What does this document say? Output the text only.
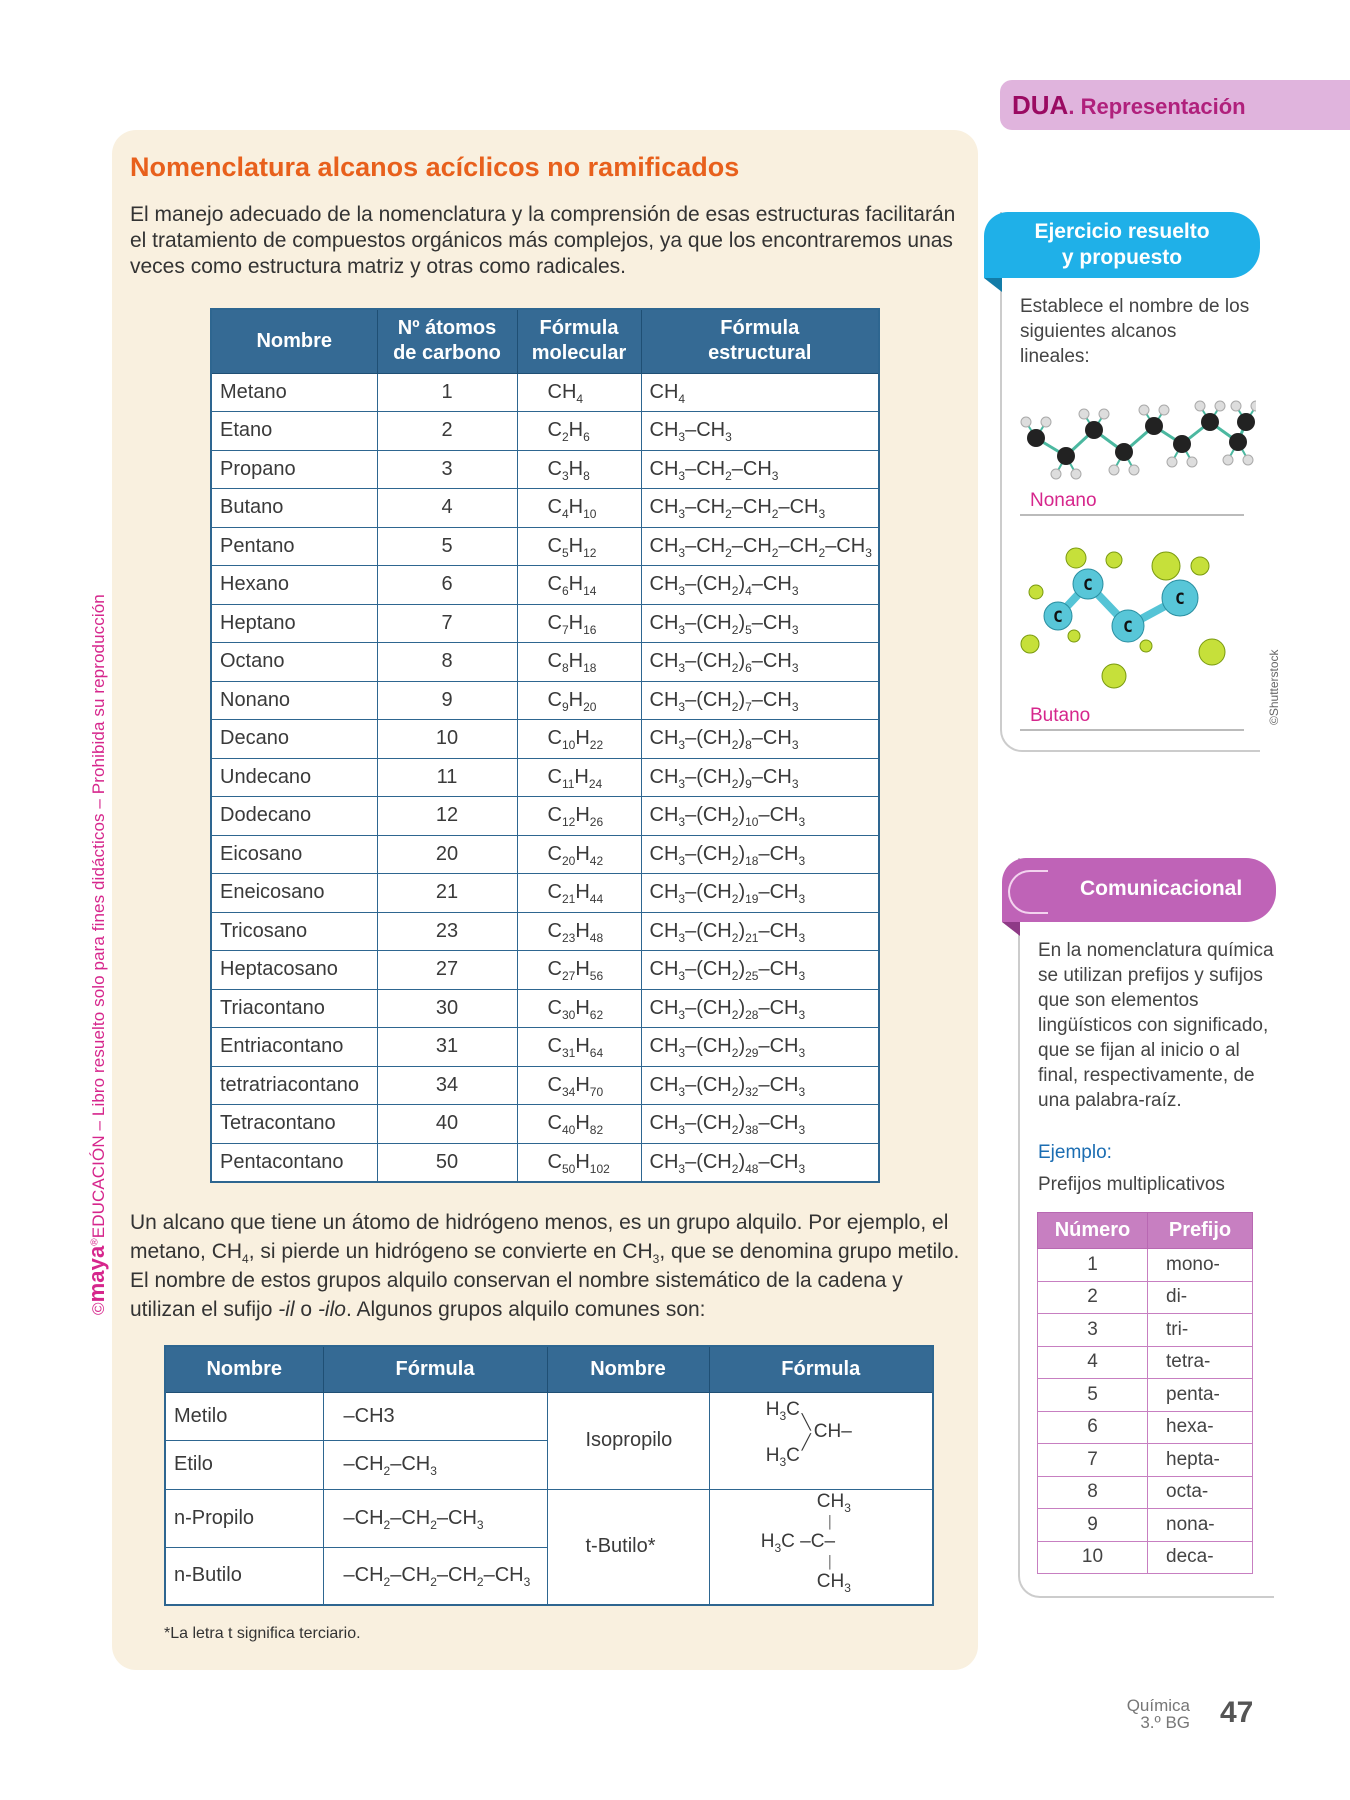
©maya®EDUCACIÓN – Libro resuelto solo para fines didácticos – Prohibida su reproducción
Nomenclatura alcanos acíclicos no ramificados
El manejo adecuado de la nomenclatura y la comprensión de esas estructuras facilitarán el tratamiento de compuestos orgánicos más complejos, ya que los encontraremos unas veces como estructura matriz y otras como radicales.
Nombre	Nº átomos de carbono	Fórmula molecular	Fórmula estructural
Metano	1	$CH_4$	$CH_4$
Etano	2	$C_2H_6$	$CH_3-CH_3$
Propano	3	$C_3H_8$	$CH_3-CH_2-CH_3$
Butano	4	$C_4H_{10}$	$CH_3-CH_2-CH_2-CH_3$
Pentano	5	$C_5H_{12}$	$CH_3-CH_2-CH_2-CH_2-CH_3$
Hexano	6	$C_6H_{14}$	$CH_3-(CH_2)_4-CH_3$
Heptano	7	$C_7H_{16}$	$CH_3-(CH_2)_5-CH_3$
Octano	8	$C_8H_{18}$	$CH_3-(CH_2)_6-CH_3$
Nonano	9	$C_9H_{20}$	$CH_3-(CH_2)_7-CH_3$
Decano	10	$C_{10}H_{22}$	$CH_3-(CH_2)_8-CH_3$
Undecano	11	$C_{11}H_{24}$	$CH_3-(CH_2)_9-CH_3$
Dodecano	12	$C_{12}H_{26}$	$CH_3-(CH_2)_{10}-CH_3$
Eicosano	20	$C_{20}H_{42}$	$CH_3-(CH_2)_{18}-CH_3$
Eneicosano	21	$C_{21}H_{44}$	$CH_3-(CH_2)_{19}-CH_3$
Tricosano	23	$C_{23}H_{48}$	$CH_3-(CH_2)_{21}-CH_3$
Heptacosano	27	$C_{27}H_{56}$	$CH_3-(CH_2)_{25}-CH_3$
Triacontano	30	$C_{30}H_{62}$	$CH_3-(CH_2)_{28}-CH_3$
Entriacontano	31	$C_{31}H_{64}$	$CH_3-(CH_2)_{29}-CH_3$
tetratriacontano	34	$C_{34}H_{70}$	$CH_3-(CH_2)_{32}-CH_3$
Tetracontano	40	$C_{40}H_{82}$	$CH_3-(CH_2)_{38}-CH_3$
Pentacontano	50	$C_{50}H_{102}$	$CH_3-(CH_2)_{48}-CH_3$
Un alcano que tiene un átomo de hidrógeno menos, es un grupo alquilo. Por ejemplo, el metano, $CH_4$, si pierde un hidrógeno se convierte en $CH_3$, que se denomina grupo metilo. El nombre de estos grupos alquilo conservan el nombre sistemático de la cadena y utilizan el sufijo -il o -ilo. Algunos grupos alquilo comunes son:
Nombre	Fórmula	Nombre	Fórmula
Metilo	–CH3	Isopropilo	$H_3C$
╲ CH–
╱
$H_3C$

Etilo	$-CH_2-CH_3$
n-Propilo	$-CH_2-CH_2-CH_3$	t-Butilo*	$CH_3$
│
$H_3C$ –C–
│
$CH_3$

n-Butilo	$-CH_2-CH_2-CH_2-CH_3$
*La letra t significa terciario.
DUA. Representación
Ejercicio resuelto
y propuesto
Establece el nombre de los siguientes alcanos lineales:
Nonano
C
C
C
C
Butano	©Shutterstock
Comunicacional
En la nomenclatura química se utilizan prefijos y sufijos que son elementos lingüísticos con significado, que se fijan al inicio o al final, respectivamente, de una palabra-raíz.
Ejemplo:
Prefijos multiplicativos
Número	Prefijo
1	mono-
2	di-
3	tri-
4	tetra-
5	penta-
6	hexa-
7	hepta-
8	octa-
9	nona-
10	deca-
Química
3.º BG 47
